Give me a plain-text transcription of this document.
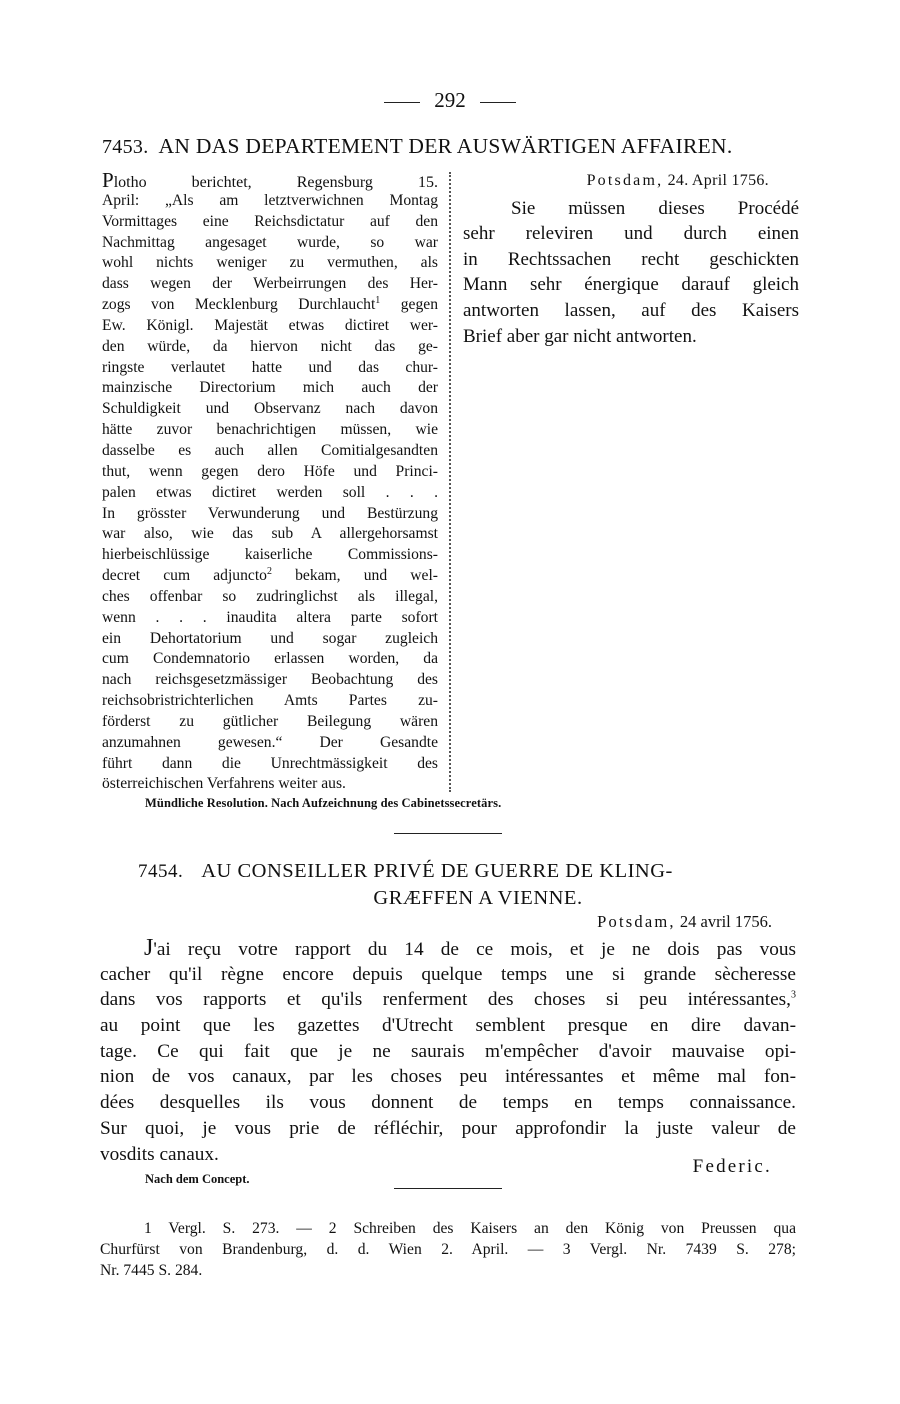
292
7453. AN DAS DEPARTEMENT DER AUSWÄRTIGEN AFFAIREN.
Plotho berichtet, Regensburg 15.
April: „Als am letztverwichnen Montag
Vormittages eine Reichsdictatur auf den
Nachmittag angesaget wurde, so war
wohl nichts weniger zu vermuthen, als
dass wegen der Werbeirrungen des Her-
zogs von Mecklenburg Durchlaucht$^1$ gegen
Ew. Königl. Majestät etwas dictiret wer-
den würde, da hiervon nicht das ge-
ringste verlautet hatte und das chur-
mainzische Directorium mich auch der
Schuldigkeit und Observanz nach davon
hätte zuvor benachrichtigen müssen, wie
dasselbe es auch allen Comitialgesandten
thut, wenn gegen dero Höfe und Princi-
palen etwas dictiret werden soll . . .
In grösster Verwunderung und Bestürzung
war also, wie das sub A allergehorsamst
hierbeischlüssige kaiserliche Commissions-
decret cum adjuncto$^2$ bekam, und wel-
ches offenbar so zudringlichst als illegal,
wenn . . . inaudita altera parte sofort
ein Dehortatorium und sogar zugleich
cum Condemnatorio erlassen worden, da
nach reichsgesetzmässiger Beobachtung des
reichsobristrichterlichen Amts Partes zu-
förderst zu gütlicher Beilegung wären
anzumahnen gewesen.“ Der Gesandte
führt dann die Unrechtmässigkeit des
österreichischen Verfahrens weiter aus.
Potsdam, 24. April 1756.
Sie müssen dieses Procédé
sehr releviren und durch einen
in Rechtssachen recht geschickten
Mann sehr énergique darauf gleich
antworten lassen, auf des Kaisers
Brief aber gar nicht antworten.
Mündliche Resolution. Nach Aufzeichnung des Cabinetssecretärs.
7454. AU CONSEILLER PRIVÉ DE GUERRE DE KLING-
GRÆFFEN A VIENNE.
Potsdam, 24 avril 1756.
J'ai reçu votre rapport du 14 de ce mois, et je ne dois pas vous
cacher qu'il règne encore depuis quelque temps une si grande sècheresse
dans vos rapports et qu'ils renferment des choses si peu intéressantes,$^3$
au point que les gazettes d'Utrecht semblent presque en dire davan-
tage. Ce qui fait que je ne saurais m'empêcher d'avoir mauvaise opi-
nion de vos canaux, par les choses peu intéressantes et même mal fon-
dées desquelles ils vous donnent de temps en temps connaissance.
Sur quoi, je vous prie de réfléchir, pour approfondir la juste valeur de
vosdits canaux.
Federic.
Nach dem Concept.
1 Vergl. S. 273. — 2 Schreiben des Kaisers an den König von Preussen qua
Churfürst von Brandenburg, d. d. Wien 2. April. — 3 Vergl. Nr. 7439 S. 278;
Nr. 7445 S. 284.
